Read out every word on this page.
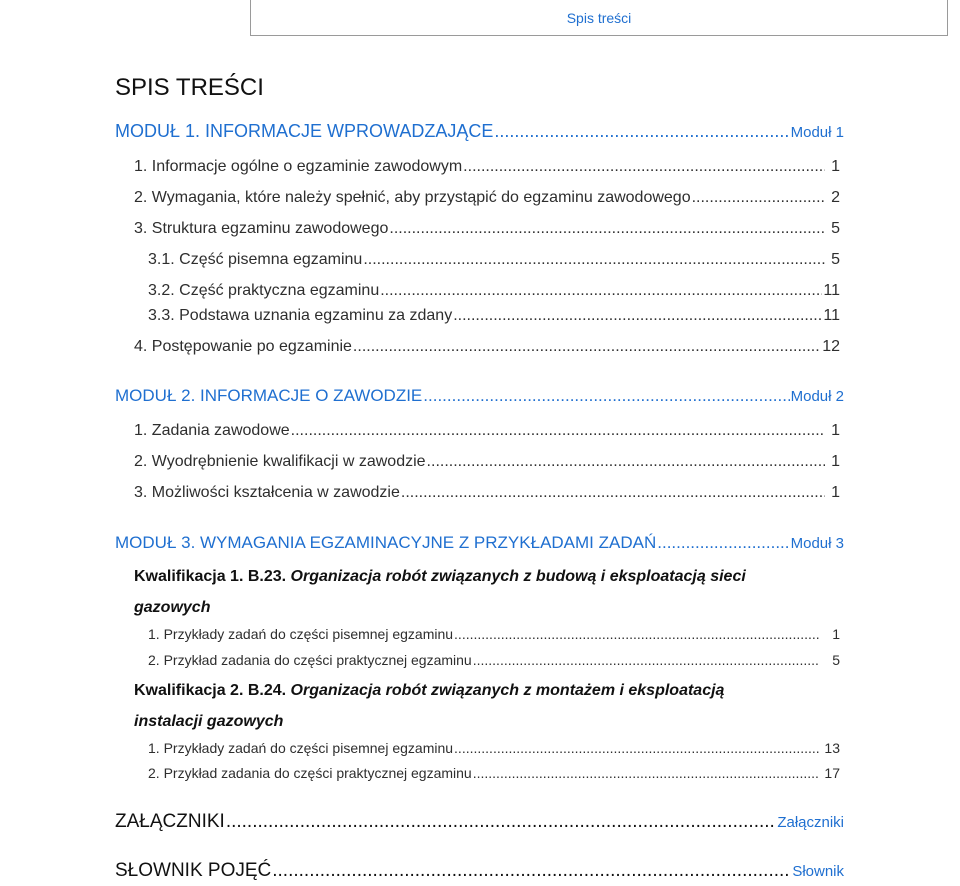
Spis treści
SPIS TREŚCI
MODUŁ 1. INFORMACJE WPROWADZAJĄCE .....	Moduł 1
1. Informacje ogólne o egzaminie zawodowym .....	1
2. Wymagania, które należy spełnić, aby przystąpić do egzaminu zawodowego .....	2
3. Struktura egzaminu zawodowego .....	5
3.1. Część pisemna egzaminu .....	5
3.2. Część praktyczna egzaminu .....	11
3.3. Podstawa uznania egzaminu za zdany .....	11
4. Postępowanie po egzaminie .....	12
MODUŁ 2. INFORMACJE O ZAWODZIE .....	Moduł 2
1. Zadania zawodowe .....	1
2. Wyodrębnienie kwalifikacji w zawodzie .....	1
3. Możliwości kształcenia w zawodzie .....	1
MODUŁ 3. WYMAGANIA EGZAMINACYJNE Z PRZYKŁADAMI ZADAŃ .....	Moduł 3
Kwalifikacja 1. B.23. Organizacja robót związanych z budową i eksploatacją sieci
gazowych
1. Przykłady zadań do części pisemnej egzaminu .....	1
2. Przykład zadania do części praktycznej egzaminu .....	5
Kwalifikacja 2. B.24. Organizacja robót związanych z montażem i eksploatacją
instalacji gazowych
1. Przykłady zadań do części pisemnej egzaminu .....	13
2. Przykład zadania do części praktycznej egzaminu .....	17
ZAŁĄCZNIKI .....	Załączniki
SŁOWNIK POJĘĆ .....	Słownik
